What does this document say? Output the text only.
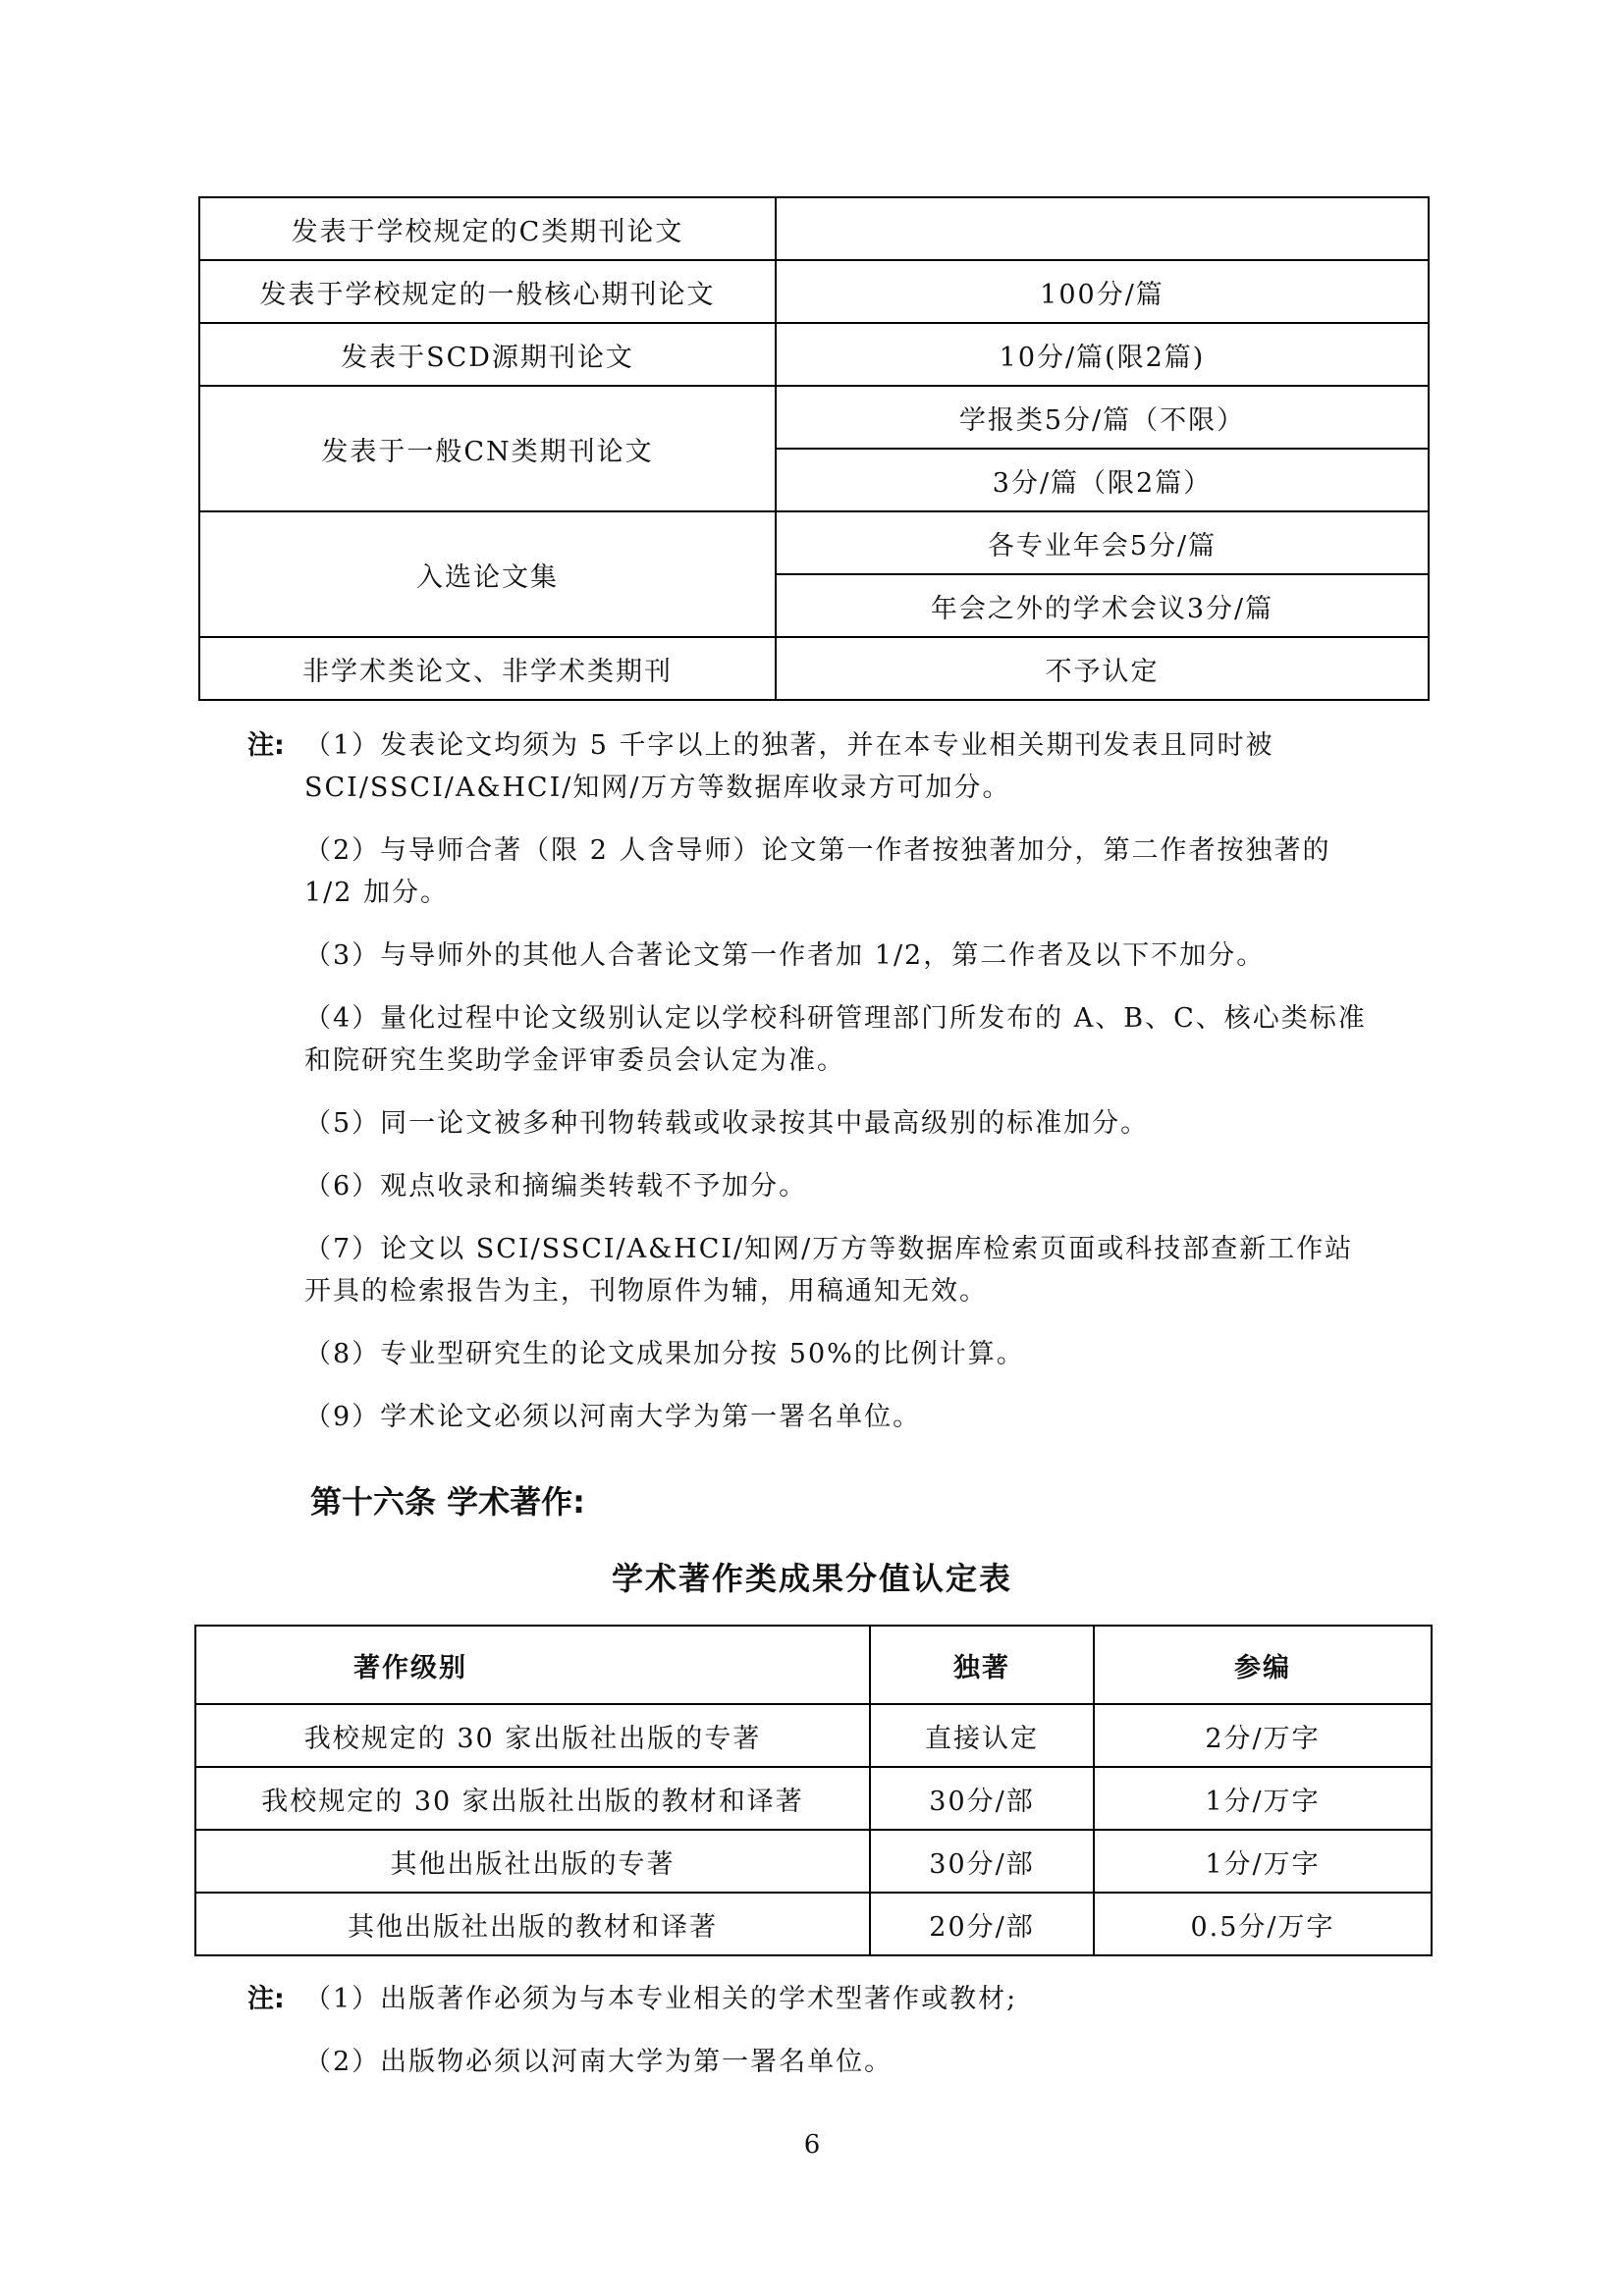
发表于学校规定的C类期刊论文	
发表于学校规定的一般核心期刊论文	100分/篇
发表于SCD源期刊论文	10分/篇(限2篇)
发表于一般CN类期刊论文	学报类5分/篇（不限）
	3分/篇（限2篇）
入选论文集	各专业年会5分/篇
	年会之外的学术会议3分/篇
非学术类论文、非学术类期刊	不予认定
注: （1）发表论文均须为 5 千字以上的独著，并在本专业相关期刊发表且同时被SCI/SSCI/A&HCI/知网/万方等数据库收录方可加分。

（2）与导师合著（限 2 人含导师）论文第一作者按独著加分，第二作者按独著的 1/2 加分。

（3）与导师外的其他人合著论文第一作者加 1/2，第二作者及以下不加分。

（4）量化过程中论文级别认定以学校科研管理部门所发布的 A、B、C、核心类标准和院研究生奖助学金评审委员会认定为准。

（5）同一论文被多种刊物转载或收录按其中最高级别的标准加分。

（6）观点收录和摘编类转载不予加分。

（7）论文以 SCI/SSCI/A&HCI/知网/万方等数据库检索页面或科技部查新工作站开具的检索报告为主，刊物原件为辅，用稿通知无效。

（8）专业型研究生的论文成果加分按 50%的比例计算。

（9）学术论文必须以河南大学为第一署名单位。

第十六条 学术著作:
学术著作类成果分值认定表
著作级别	独著	参编
我校规定的 30 家出版社出版的专著	直接认定	2分/万字
我校规定的 30 家出版社出版的教材和译著	30分/部	1分/万字
其他出版社出版的专著	30分/部	1分/万字
其他出版社出版的教材和译著	20分/部	0.5分/万字
注: （1）出版著作必须为与本专业相关的学术型著作或教材;

（2）出版物必须以河南大学为第一署名单位。

6
